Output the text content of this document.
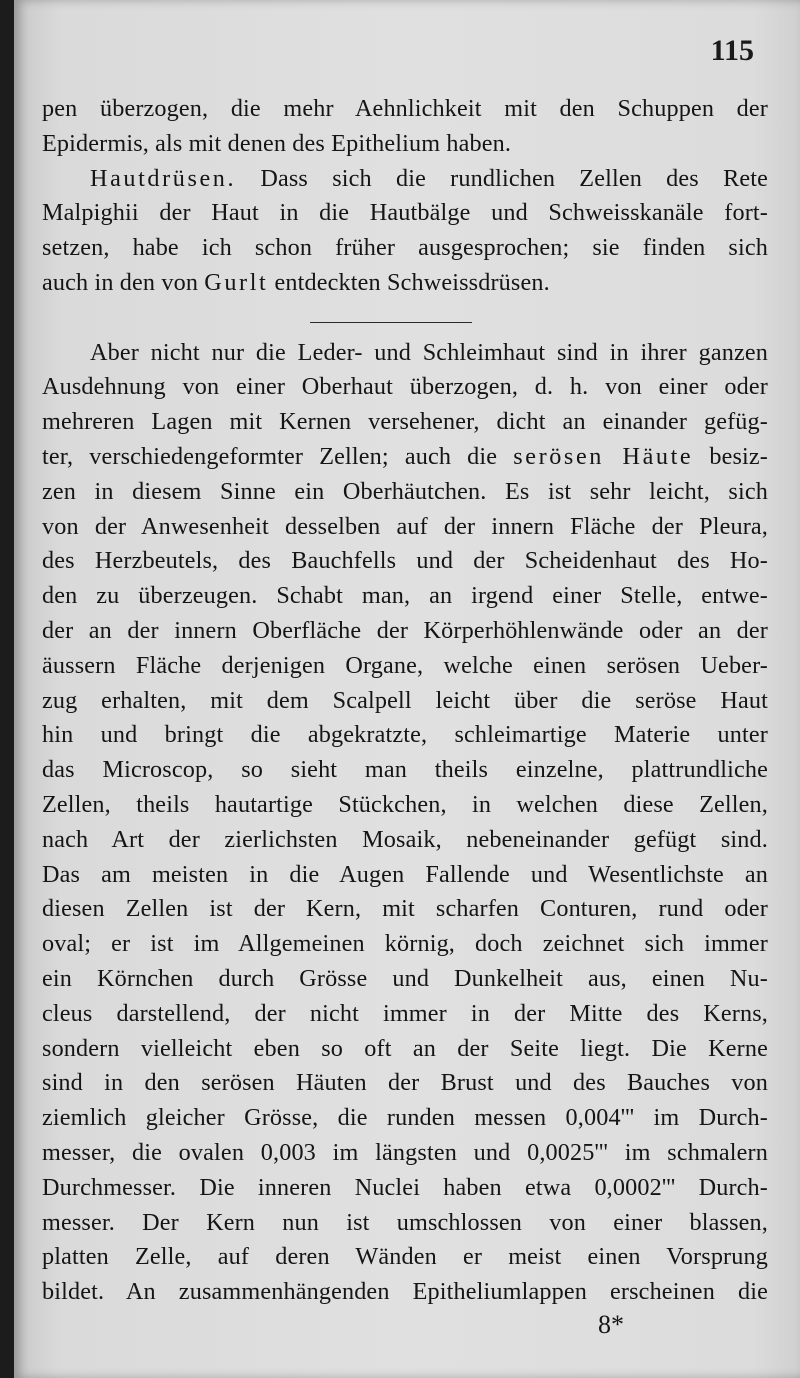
115
pen überzogen, die mehr Aehnlichkeit mit den Schuppen der
Epidermis, als mit denen des Epithelium haben.
Hautdrüsen. Dass sich die rundlichen Zellen des Rete
Malpighii der Haut in die Hautbälge und Schweisskanäle fort-
setzen, habe ich schon früher ausgesprochen; sie finden sich
auch in den von Gurlt entdeckten Schweissdrüsen.
Aber nicht nur die Leder- und Schleimhaut sind in ihrer ganzen
Ausdehnung von einer Oberhaut überzogen, d. h. von einer oder
mehreren Lagen mit Kernen versehener, dicht an einander gefüg-
ter, verschiedengeformter Zellen; auch die serösen Häute besiz-
zen in diesem Sinne ein Oberhäutchen. Es ist sehr leicht, sich
von der Anwesenheit desselben auf der innern Fläche der Pleura,
des Herzbeutels, des Bauchfells und der Scheidenhaut des Ho-
den zu überzeugen. Schabt man, an irgend einer Stelle, entwe-
der an der innern Oberfläche der Körperhöhlenwände oder an der
äussern Fläche derjenigen Organe, welche einen serösen Ueber-
zug erhalten, mit dem Scalpell leicht über die seröse Haut
hin und bringt die abgekratzte, schleimartige Materie unter
das Microscop, so sieht man theils einzelne, plattrundliche
Zellen, theils hautartige Stückchen, in welchen diese Zellen,
nach Art der zierlichsten Mosaik, nebeneinander gefügt sind.
Das am meisten in die Augen Fallende und Wesentlichste an
diesen Zellen ist der Kern, mit scharfen Conturen, rund oder
oval; er ist im Allgemeinen körnig, doch zeichnet sich immer
ein Körnchen durch Grösse und Dunkelheit aus, einen Nu-
cleus darstellend, der nicht immer in der Mitte des Kerns,
sondern vielleicht eben so oft an der Seite liegt. Die Kerne
sind in den serösen Häuten der Brust und des Bauches von
ziemlich gleicher Grösse, die runden messen 0,004''' im Durch-
messer, die ovalen 0,003 im längsten und 0,0025''' im schmalern
Durchmesser. Die inneren Nuclei haben etwa 0,0002''' Durch-
messer. Der Kern nun ist umschlossen von einer blassen,
platten Zelle, auf deren Wänden er meist einen Vorsprung
bildet. An zusammenhängenden Epitheliumlappen erscheinen die
8*
